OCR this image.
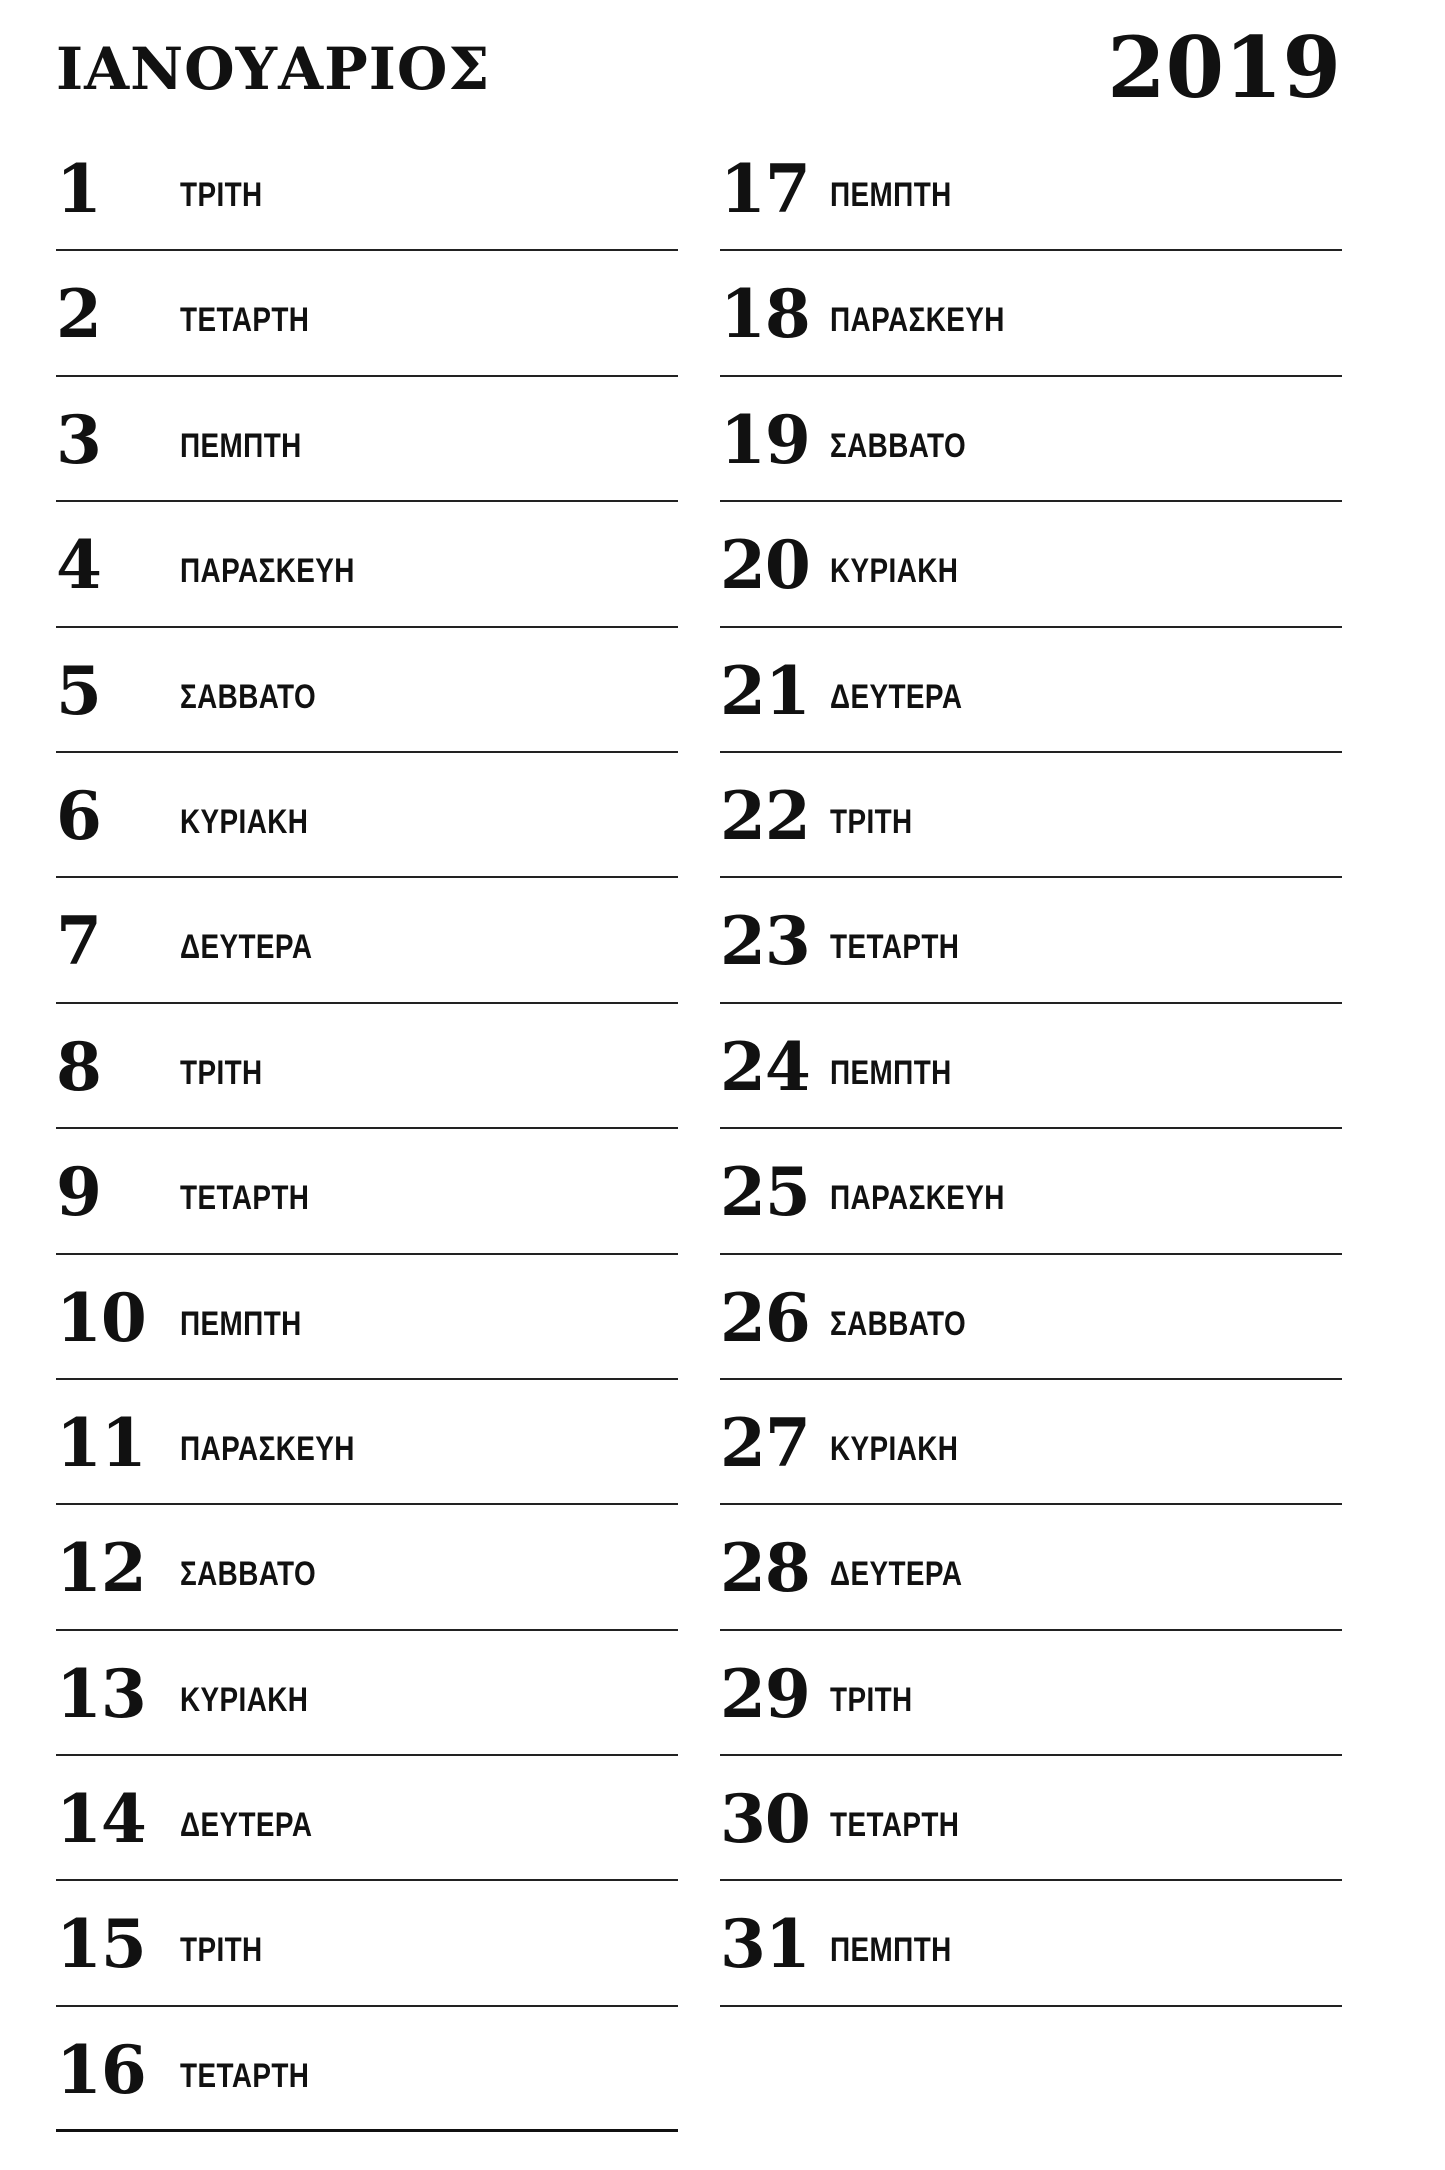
ΙΑΝΟΥΑΡΙΟΣ	2019
1 ΤΡΙΤΗ
2 ΤΕΤΑΡΤΗ
3 ΠΕΜΠΤΗ
4 ΠΑΡΑΣΚΕΥΗ
5 ΣΑΒΒΑΤΟ
6 ΚΥΡΙΑΚΗ
7 ΔΕΥΤΕΡΑ
8 ΤΡΙΤΗ
9 ΤΕΤΑΡΤΗ
10 ΠΕΜΠΤΗ
11 ΠΑΡΑΣΚΕΥΗ
12 ΣΑΒΒΑΤΟ
13 ΚΥΡΙΑΚΗ
14 ΔΕΥΤΕΡΑ
15 ΤΡΙΤΗ
16 ΤΕΤΑΡΤΗ
17 ΠΕΜΠΤΗ
18 ΠΑΡΑΣΚΕΥΗ
19 ΣΑΒΒΑΤΟ
20 ΚΥΡΙΑΚΗ
21 ΔΕΥΤΕΡΑ
22 ΤΡΙΤΗ
23 ΤΕΤΑΡΤΗ
24 ΠΕΜΠΤΗ
25 ΠΑΡΑΣΚΕΥΗ
26 ΣΑΒΒΑΤΟ
27 ΚΥΡΙΑΚΗ
28 ΔΕΥΤΕΡΑ
29 ΤΡΙΤΗ
30 ΤΕΤΑΡΤΗ
31 ΠΕΜΠΤΗ
